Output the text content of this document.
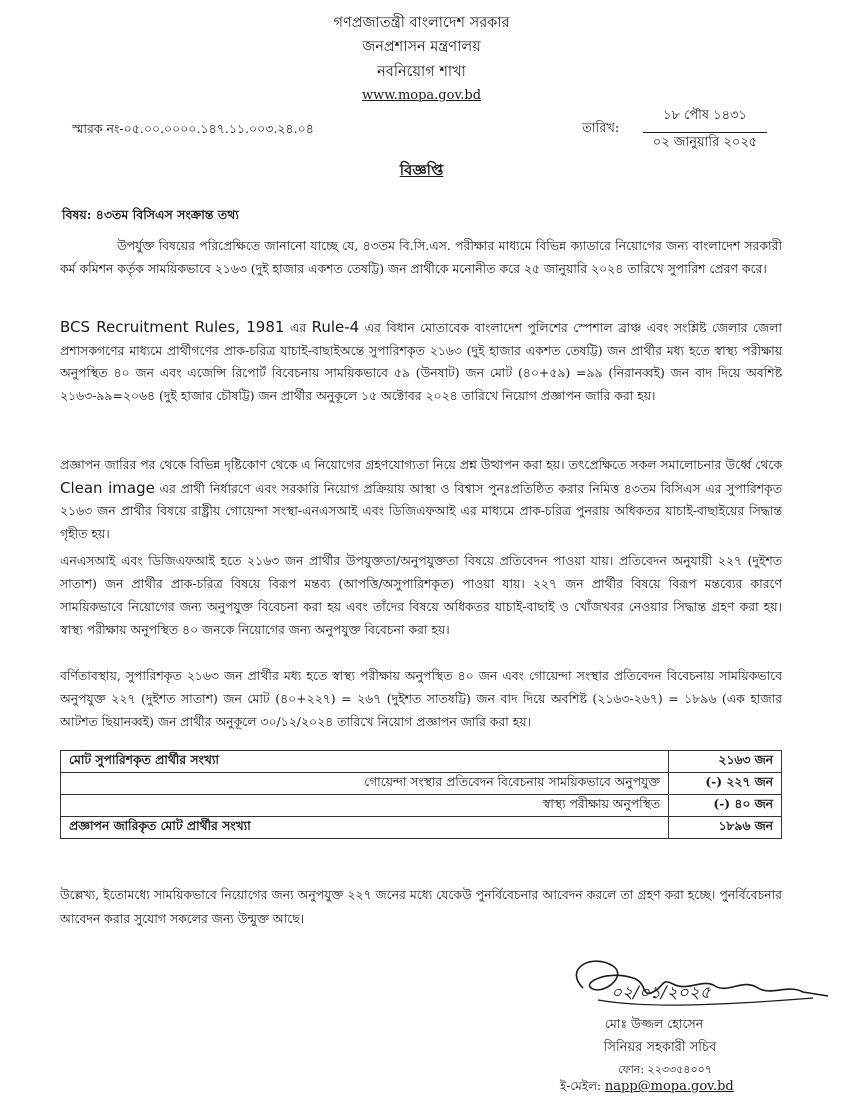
গণপ্রজাতন্ত্রী বাংলাদেশ সরকার
জনপ্রশাসন মন্ত্রণালয়
নবনিয়োগ শাখা
www.mopa.gov.bd
স্মারক নং-০৫.০০.০০০০.১৪৭.১১.০০৩.২৪.০৪	তারিখ:
১৮ পৌষ ১৪৩১
০২ জানুয়ারি ২০২৫
বিজ্ঞপ্তি
বিষয়: ৪৩তম বিসিএস সংক্রান্ত তথ্য

উপর্যুক্ত বিষয়ের পরিপ্রেক্ষিতে জানানো যাচ্ছে যে, ৪৩তম বি.সি.এস. পরীক্ষার মাধ্যমে বিভিন্ন ক্যাডারে নিয়োগের জন্য বাংলাদেশ সরকারী কর্ম কমিশন কর্তৃক সাময়িকভাবে ২১৬৩ (দুই হাজার একশত তেষট্টি) জন প্রার্থীকে মনোনীত করে ২৫ জানুয়ারি ২০২৪ তারিখে সুপারিশ প্রেরণ করে।

BCS Recruitment Rules, 1981 এর Rule-4 এর বিধান মোতাবেক বাংলাদেশ পুলিশের স্পেশাল ব্রাঞ্চ এবং সংশ্লিষ্ট জেলার জেলা প্রশাসকগণের মাধ্যমে প্রার্থীগণের প্রাক-চরিত্র যাচাই-বাছাইঅন্তে সুপারিশকৃত ২১৬৩ (দুই হাজার একশত তেষট্টি) জন প্রার্থীর মধ্য হতে স্বাস্থ্য পরীক্ষায় অনুপস্থিত ৪০ জন এবং এজেন্সি রিপোর্ট বিবেচনায় সাময়িকভাবে ৫৯ (উনষাট) জন মোট (৪০+৫৯) =৯৯ (নিরানব্বই) জন বাদ দিয়ে অবশিষ্ট ২১৬৩-৯৯=২০৬৪ (দুই হাজার চৌষট্টি) জন প্রার্থীর অনুকূলে ১৫ অক্টোবর ২০২৪ তারিখে নিয়োগ প্রজ্ঞাপন জারি করা হয়।

প্রজ্ঞাপন জারির পর থেকে বিভিন্ন দৃষ্টিকোণ থেকে এ নিয়োগের গ্রহণযোগ্যতা নিয়ে প্রশ্ন উত্থাপন করা হয়। তৎপ্রেক্ষিতে সকল সমালোচনার উর্ধ্বে থেকে Clean image এর প্রার্থী নির্ধারণে এবং সরকারি নিয়োগ প্রক্রিয়ায় আস্থা ও বিশ্বাস পুনঃপ্রতিষ্ঠিত করার নিমিত্ত ৪৩তম বিসিএস এর সুপারিশকৃত ২১৬৩ জন প্রার্থীর বিষয়ে রাষ্ট্রীয় গোয়েন্দা সংস্থা-এনএসআই এবং ডিজিএফআই এর মাধ্যমে প্রাক-চরিত্র পুনরায় অধিকতর যাচাই-বাছাইয়ের সিদ্ধান্ত গৃহীত হয়।

এনএসআই এবং ডিজিএফআই হতে ২১৬৩ জন প্রার্থীর উপযুক্ততা/অনুপযুক্ততা বিষয়ে প্রতিবেদন পাওয়া যায়। প্রতিবেদন অনুযায়ী ২২৭ (দুইশত সাতাশ) জন প্রার্থীর প্রাক-চরিত্র বিষয়ে বিরূপ মন্তব্য (আপত্তি/অসুপারিশকৃত) পাওয়া যায়। ২২৭ জন প্রার্থীর বিষয়ে বিরূপ মন্তব্যের কারণে সাময়িকভাবে নিয়োগের জন্য অনুপযুক্ত বিবেচনা করা হয় এবং তাঁদের বিষয়ে অধিকতর যাচাই-বাছাই ও খোঁজখবর নেওয়ার সিদ্ধান্ত গ্রহণ করা হয়। স্বাস্থ্য পরীক্ষায় অনুপস্থিত ৪০ জনকে নিয়োগের জন্য অনুপযুক্ত বিবেচনা করা হয়।

বর্ণিতাবস্থায়, সুপারিশকৃত ২১৬৩ জন প্রার্থীর মধ্য হতে স্বাস্থ্য পরীক্ষায় অনুপস্থিত ৪০ জন এবং গোয়েন্দা সংস্থার প্রতিবেদন বিবেচনায় সাময়িকভাবে অনুপযুক্ত ২২৭ (দুইশত সাতাশ) জন মোট (৪০+২২৭) = ২৬৭ (দুইশত সাতষট্টি) জন বাদ দিয়ে অবশিষ্ট (২১৬৩-২৬৭) = ১৮৯৬ (এক হাজার আটশত ছিয়ানব্বই) জন প্রার্থীর অনুকূলে ৩০/১২/২০২৪ তারিখে নিয়োগ প্রজ্ঞাপন জারি করা হয়।

মোট সুপারিশকৃত প্রার্থীর সংখ্যা	২১৬৩ জন
গোয়েন্দা সংস্থার প্রতিবেদন বিবেচনায় সাময়িকভাবে অনুপযুক্ত	(-) ২২৭ জন
স্বাস্থ্য পরীক্ষায় অনুপস্থিত	(-) ৪০ জন
প্রজ্ঞাপন জারিকৃত মোট প্রার্থীর সংখ্যা	১৮৯৬ জন

উল্লেখ্য, ইতোমধ্যে সাময়িকভাবে নিয়োগের জন্য অনুপযুক্ত ২২৭ জনের মধ্যে যেকেউ পুনর্বিবেচনার আবেদন করলে তা গ্রহণ করা হচ্ছে। পুনর্বিবেচনার আবেদন করার সুযোগ সকলের জন্য উন্মুক্ত আছে।

০২/০১/২০২৫
মোঃ উজ্জল হোসেন
সিনিয়র সহকারী সচিব
ফোন: ২২৩৩৫৪০০৭
ই-মেইল: napp@mopa.gov.bd
